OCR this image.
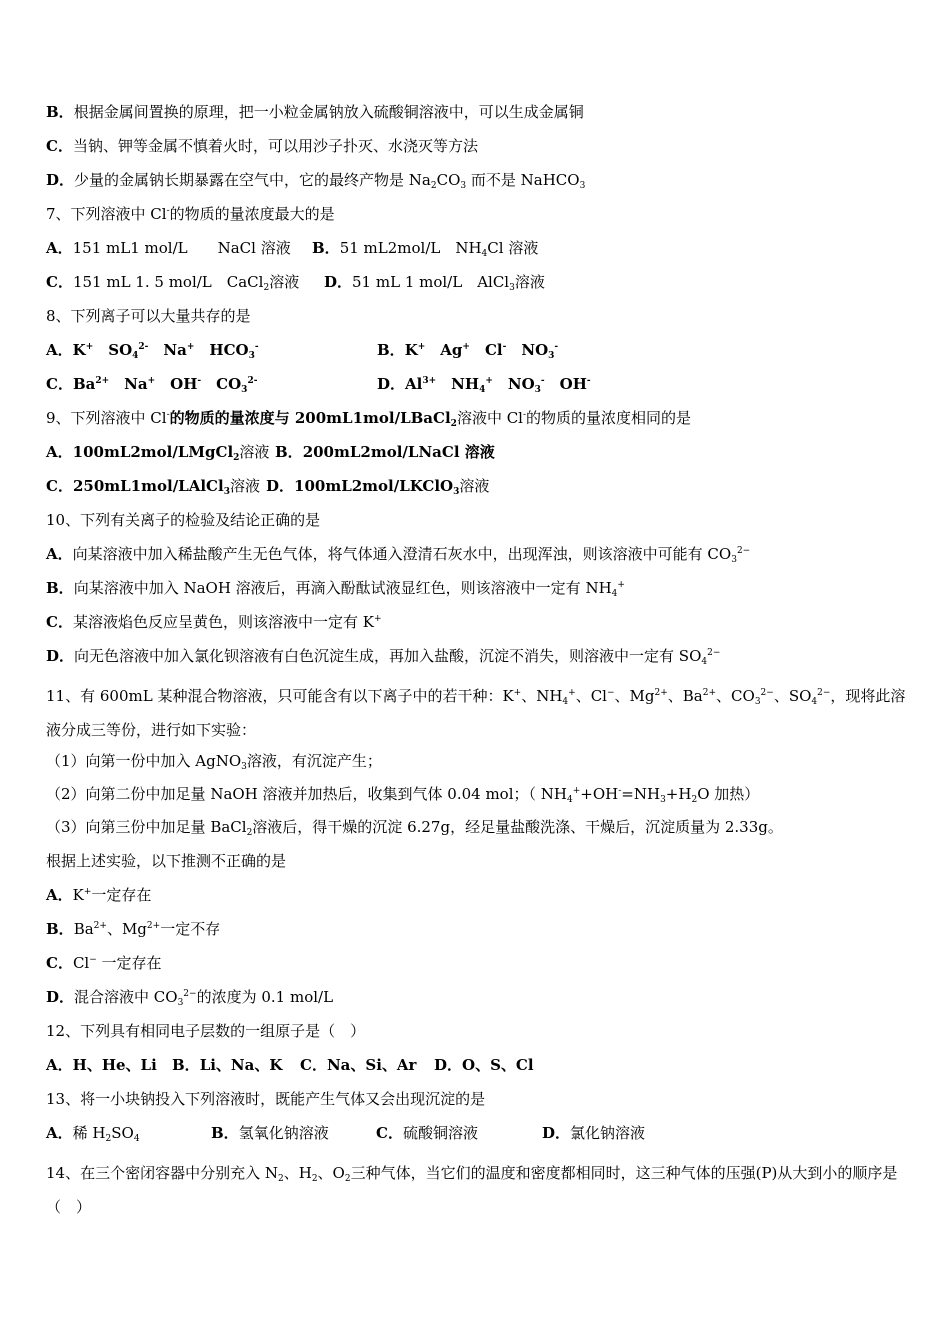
B．根据金属间置换的原理，把一小粒金属钠放入硫酸铜溶液中，可以生成金属铜
C．当钠、钾等金属不慎着火时，可以用沙子扑灭、水浇灭等方法
D．少量的金属钠长期暴露在空气中，它的最终产物是 $Na_2CO_3$ 而不是 NaHCO$_3$
7、下列溶液中 Cl-的物质的量浓度最大的是
A．151 mL1 mol/L　　NaCl 溶液 B．51 mL2mol/L　$NH_4Cl$ 溶液
C．151 mL 1. 5 mol/L　CaCl$_2$溶液 D．51 mL 1 mol/L　AlCl$_3$溶液
8、下列离子可以大量共存的是
A．K+　$SO_4^{2-}$　Na+　$HCO_3^-$	B．K+　Ag+　Cl-　$NO_3^-$
C．$Ba^{2+}$　Na+　OH-　$CO_3^{2-}$	D．$Al^{3+}$　$NH_4^+$　$NO_3^-$　OH-
9、下列溶液中 Cl-的物质的量浓度与 200mL1mol/LBaCl$_2$溶液中 Cl-的物质的量浓度相同的是
A．100mL2mol/LMgCl$_2$溶液 B．200mL2mol/LNaCl 溶液
C．250mL1mol/LAlCl$_3$溶液 D．100mL2mol/LKClO$_3$溶液
10、下列有关离子的检验及结论正确的是
A．向某溶液中加入稀盐酸产生无色气体，将气体通入澄清石灰水中，出现浑浊，则该溶液中可能有 $CO_3^{2-}$
B．向某溶液中加入 NaOH 溶液后，再滴入酚酞试液显红色，则该溶液中一定有 $NH_4^+$
C．某溶液焰色反应呈黄色，则该溶液中一定有 K+
D．向无色溶液中加入氯化钡溶液有白色沉淀生成，再加入盐酸，沉淀不消失，则溶液中一定有 $SO_4^{2-}$
11、有 600mL 某种混合物溶液，只可能含有以下离子中的若干种：K+、$NH_4^+$、Cl−、$Mg^{2+}$、$Ba^{2+}$、$CO_3^{2-}$、$SO_4^{2-}$，现将此溶液分成三等份，进行如下实验：
（1）向第一份中加入 AgNO$_3$溶液，有沉淀产生；
（2）向第二份中加足量 NaOH 溶液并加热后，收集到气体 0.04 mol；（ $NH_4^++OH^-=NH_3+H_2O$ 加热）
（3）向第三份中加足量 BaCl$_2$溶液后，得干燥的沉淀 6.27g，经足量盐酸洗涤、干燥后，沉淀质量为 2.33g。
根据上述实验，以下推测不正确的是
A．K+一定存在
B．$Ba^{2+}$、$Mg^{2+}$一定不存
C．Cl− 一定存在
D．混合溶液中 $CO_3^{2-}$的浓度为 0.1 mol/L
12、下列具有相同电子层数的一组原子是（　）
A．H、He、Li B．Li、Na、K C．Na、Si、Ar D．O、S、Cl
13、将一小块钠投入下列溶液时，既能产生气体又会出现沉淀的是
A．稀 $H_2SO_4$	B．氢氧化钠溶液	C．硫酸铜溶液	D．氯化钠溶液
14、在三个密闭容器中分别充入 $N_2$、$H_2$、$O_2$三种气体，当它们的温度和密度都相同时，这三种气体的压强(P)从大到小的顺序是（　）
